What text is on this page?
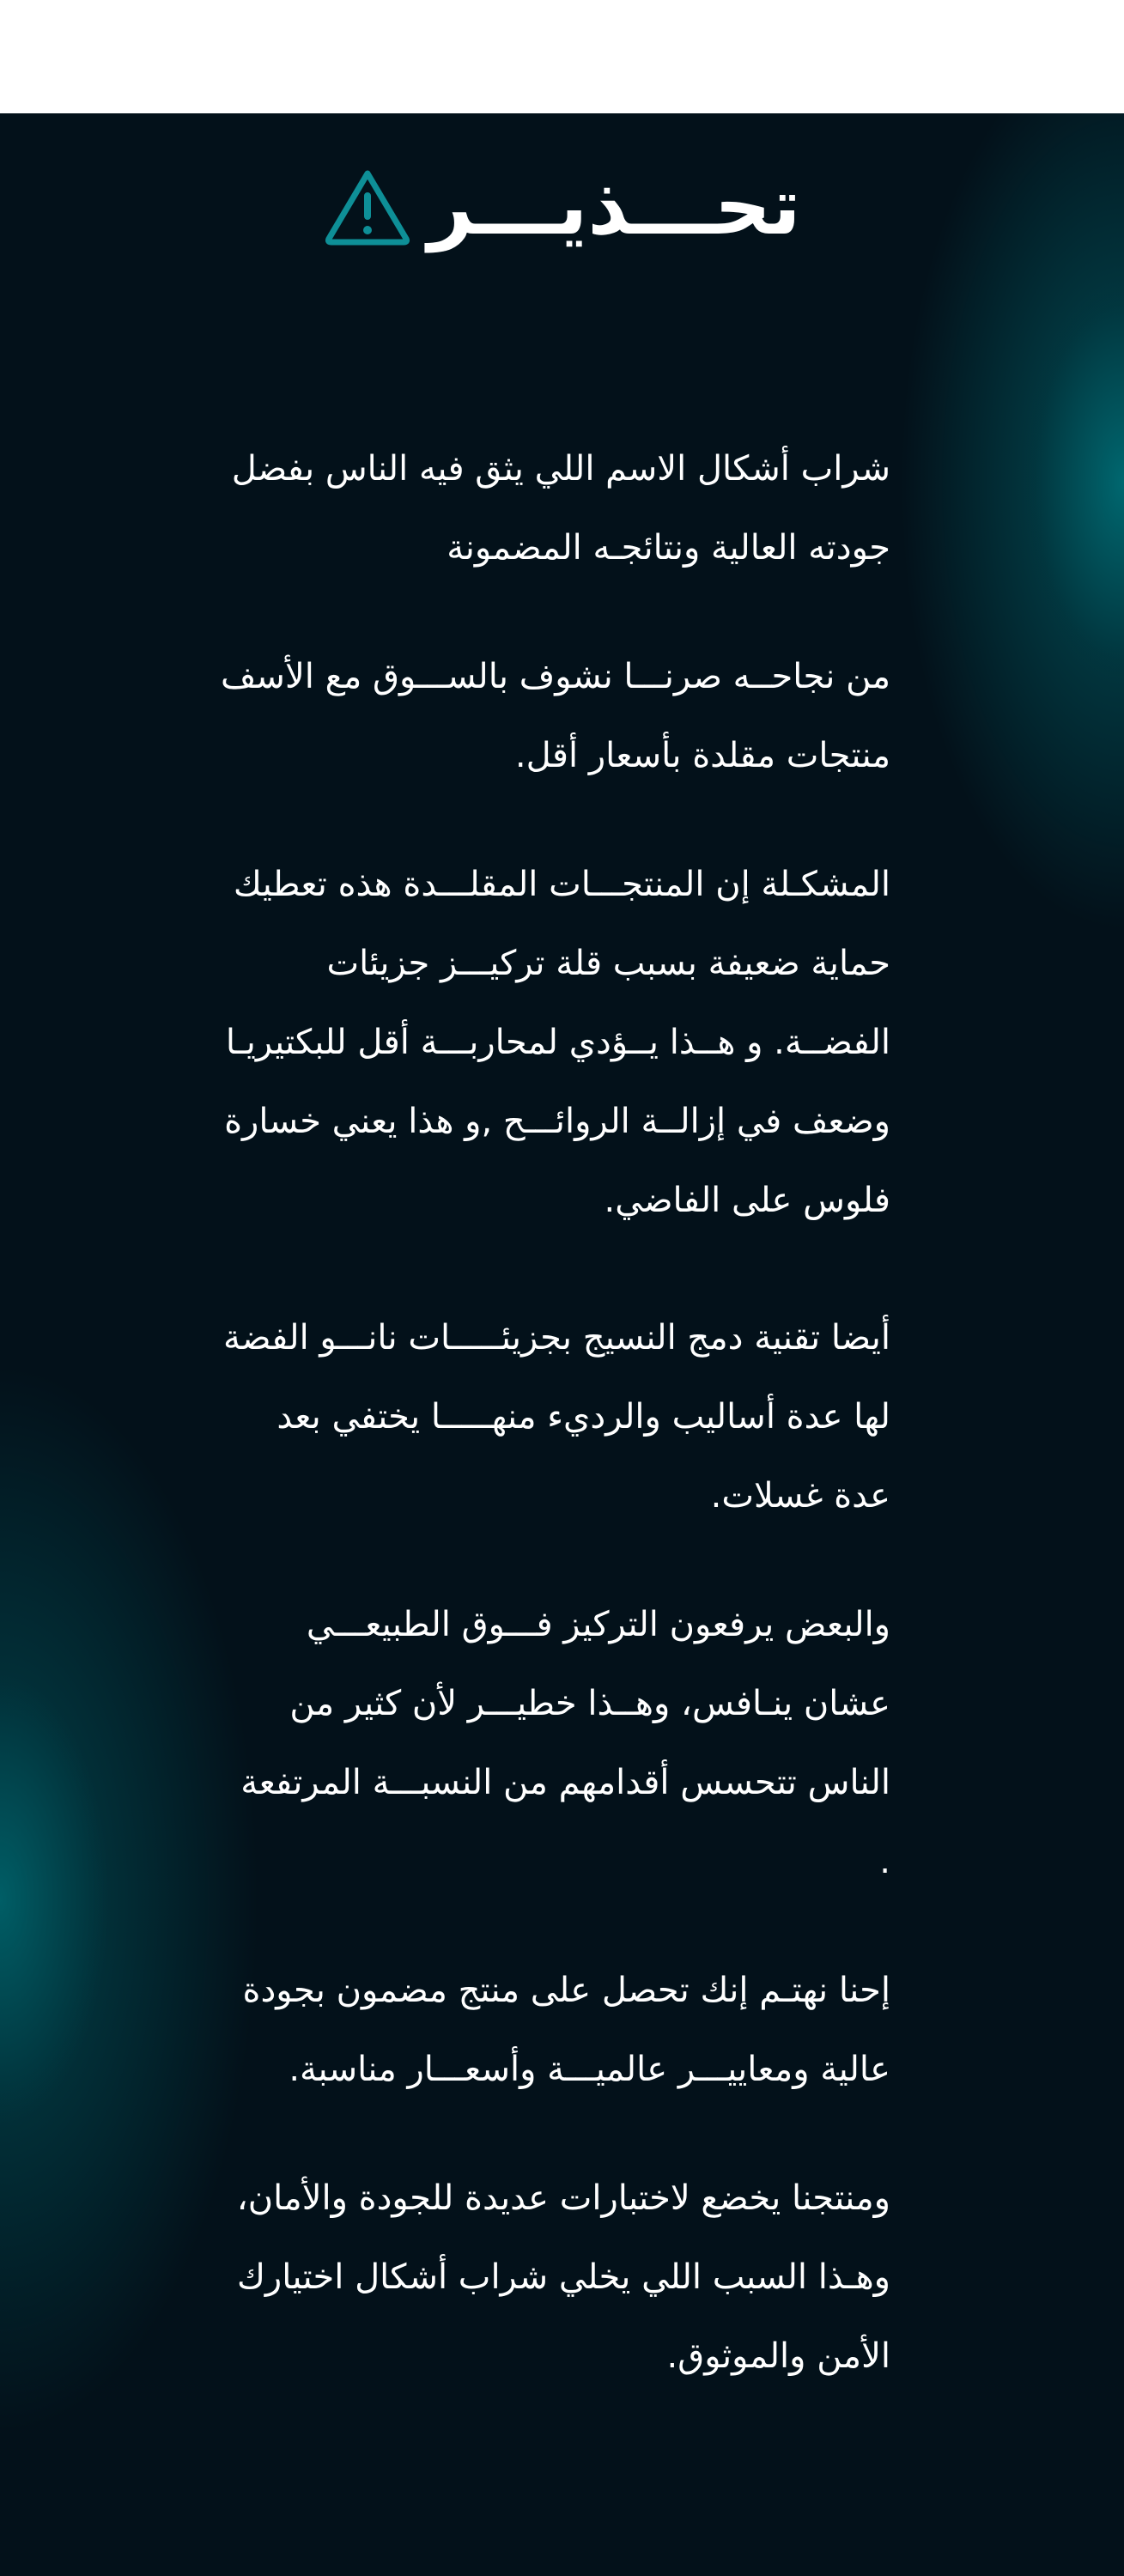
تحـــذيـــر

شراب أشكال الاسم اللي يثق فيه الناس بفضل جودته العالية ونتائجـه المضمونة

من نجاحــه صرنـــا نشوف بالســـوق مع الأسف منتجات مقلدة بأسعار أقل.

المشكـلة إن المنتجـــات المقلـــدة هذه تعطيك حماية ضعيفة بسبب قلة تركيـــز جزيئات الفضــة. و هــذا يــؤدي لمحاربـــة أقل للبكتيريـا وضعف في إزالــة الروائـــح ,و هذا يعني خسارة فلوس على الفاضي.

أيضا تقنية دمج النسيج بجزيئـــــات نانـــو الفضة لها عدة أساليب والرديء منهـــــا يختفي بعد عدة غسلات.

والبعض يرفعون التركيز فـــوق الطبيعـــي عشان ينـافس، وهــذا خطيـــر لأن كثير من الناس تتحسس أقدامهم من النسبـــة المرتفعة .

إحنا نهتـم إنك تحصل على منتج مضمون بجودة عالية ومعاييـــر عالميـــة وأسعـــار مناسبة.

ومنتجنا يخضع لاختبارات عديدة للجودة والأمان، وهـذا السبب اللي يخلي شراب أشكال اختيارك الأمن والموثوق.
